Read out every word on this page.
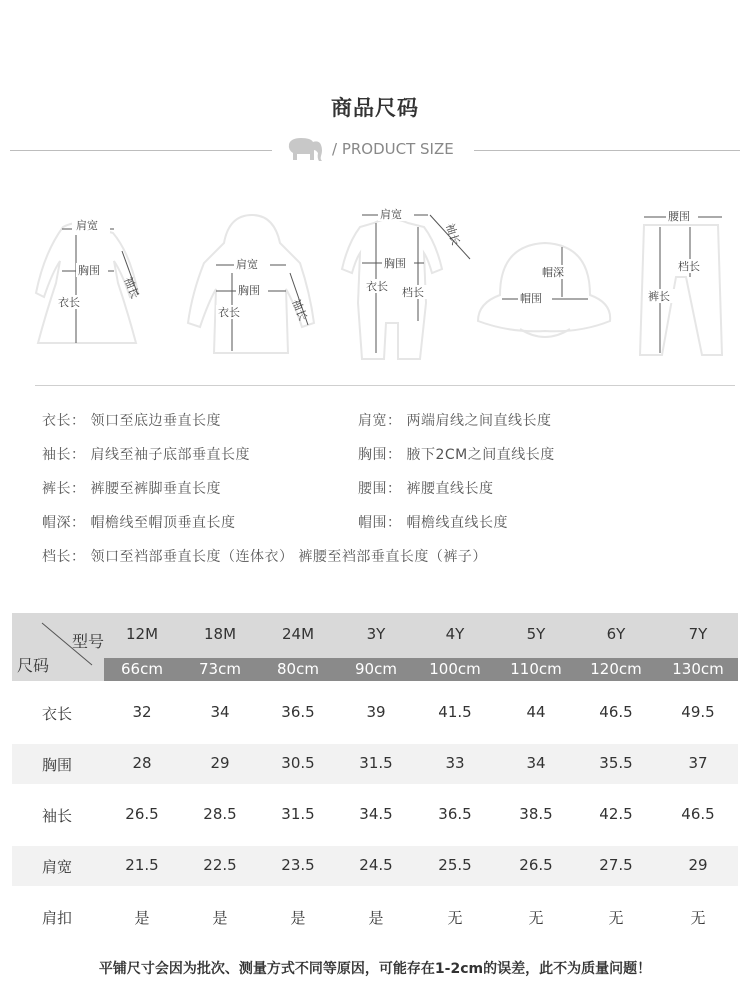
商品尺码
/ PRODUCT SIZE
肩宽
胸围
衣长
袖长
肩宽
胸围
衣长	袖长
肩宽
胸围
衣长 档长
袖长
帽深
帽围
腰围
档长
裤长
衣长： 领口至底边垂直长度	肩宽： 两端肩线之间直线长度
袖长： 肩线至袖子底部垂直长度	胸围： 腋下2CM之间直线长度
裤长： 裤腰至裤脚垂直长度	腰围： 裤腰直线长度
帽深： 帽檐线至帽顶垂直长度	帽围： 帽檐线直线长度
档长： 领口至裆部垂直长度（连体衣） 裤腰至裆部垂直长度（裤子）
型号
尺码
12M	18M	24M	3Y	4Y	5Y	6Y	7Y
66cm	73cm	80cm	90cm	100cm	110cm	120cm	130cm
衣长	32	34	36.5	39	41.5	44	46.5	49.5
胸围	28	29	30.5	31.5	33	34	35.5	37
袖长	26.5	28.5	31.5	34.5	36.5	38.5	42.5	46.5
肩宽	21.5	22.5	23.5	24.5	25.5	26.5	27.5	29
肩扣	是	是	是	是	无	无	无	无
平铺尺寸会因为批次、测量方式不同等原因，可能存在1-2cm的误差，此不为质量问题！
